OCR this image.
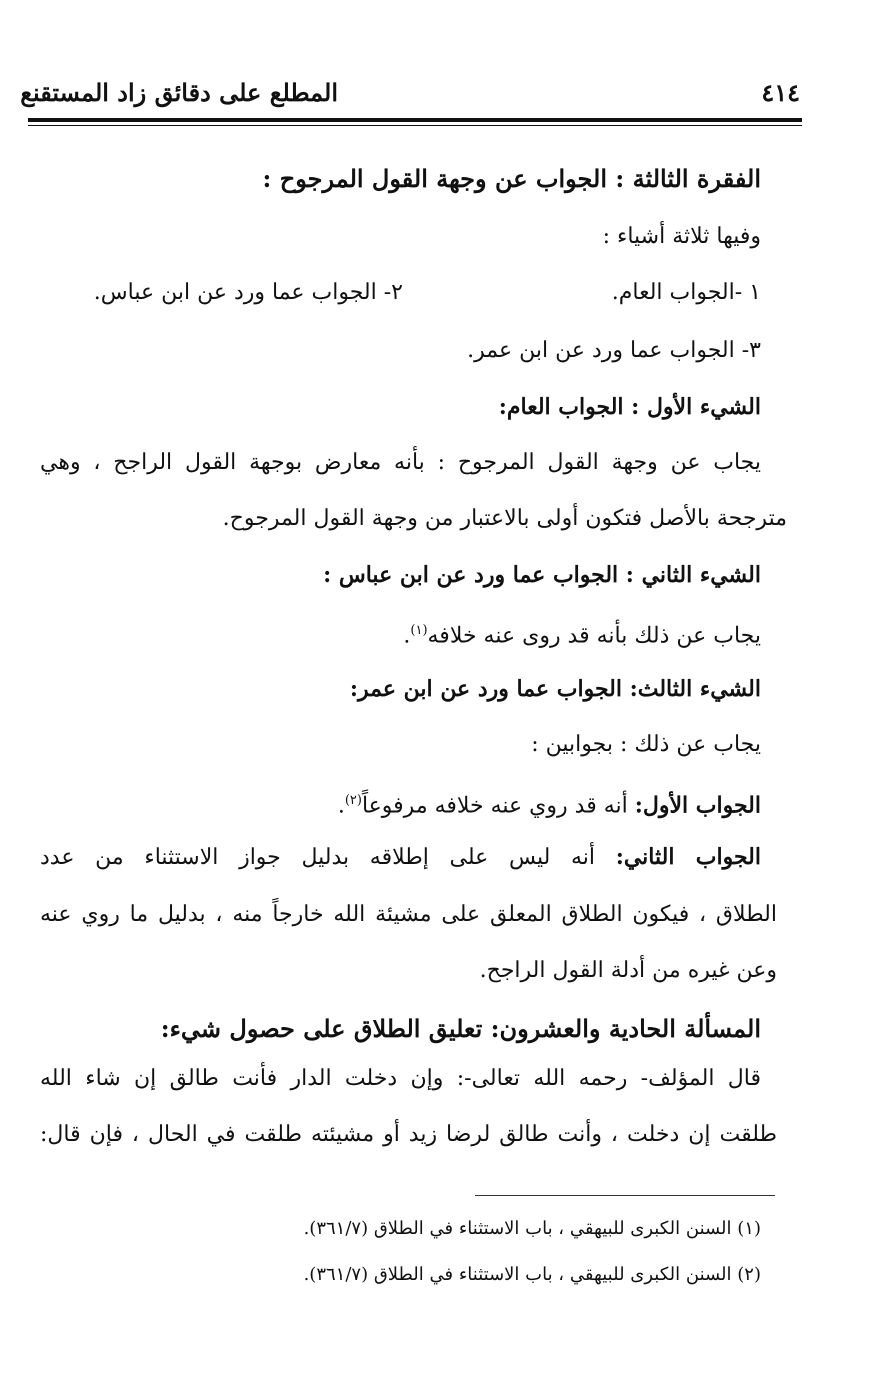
٤١٤
المطلع على دقائق زاد المستقنع
الفقرة الثالثة : الجواب عن وجهة القول المرجوح :
وفيها ثلاثة أشياء :
١ -الجواب العام.
٢- الجواب عما ورد عن ابن عباس.
٣- الجواب عما ورد عن ابن عمر.
الشيء الأول : الجواب العام:
يجاب عن وجهة القول المرجوح : بأنه معارض بوجهة القول الراجح ، وهي
مترجحة بالأصل فتكون أولى بالاعتبار من وجهة القول المرجوح.
الشيء الثاني : الجواب عما ورد عن ابن عباس :
يجاب عن ذلك بأنه قد روى عنه خلافه$^{(١)}$.
الشيء الثالث: الجواب عما ورد عن ابن عمر:
يجاب عن ذلك : بجوابين :
الجواب الأول: أنه قد روي عنه خلافه مرفوعاً$^{(٢)}$.
الجواب الثاني: أنه ليس على إطلاقه بدليل جواز الاستثناء من عدد
الطلاق ، فيكون الطلاق المعلق على مشيئة الله خارجاً منه ، بدليل ما روي عنه
وعن غيره من أدلة القول الراجح.
المسألة الحادية والعشرون: تعليق الطلاق على حصول شيء:
قال المؤلف- رحمه الله تعالى-: وإن دخلت الدار فأنت طالق إن شاء الله
طلقت إن دخلت ، وأنت طالق لرضا زيد أو مشيئته طلقت في الحال ، فإن قال:
(١) السنن الكبرى للبيهقي ، باب الاستثناء في الطلاق (٣٦١/٧).
(٢) السنن الكبرى للبيهقي ، باب الاستثناء في الطلاق (٣٦١/٧).
